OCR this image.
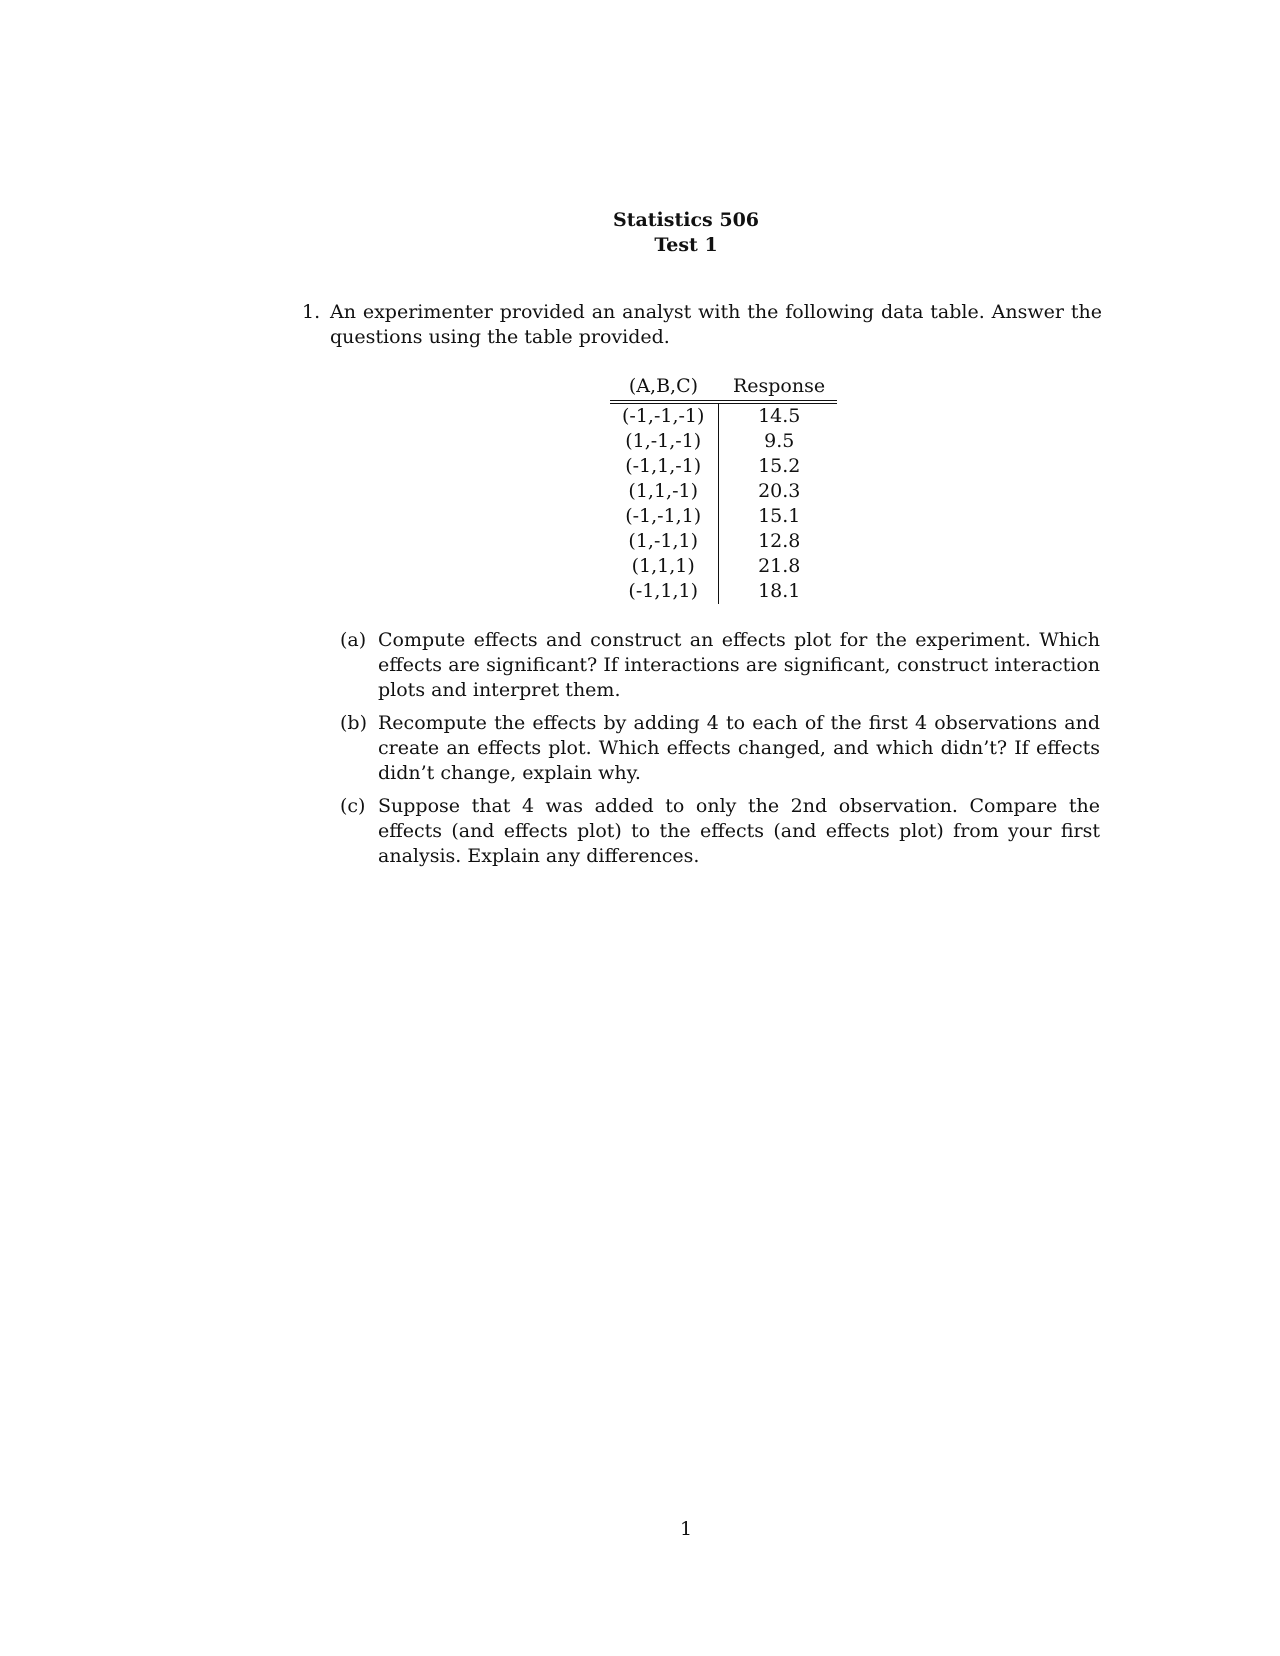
Statistics 506
Test 1
1. An experimenter provided an analyst with the following data table. Answer the questions using the table provided.
(A,B,C)	Response
(-1,-1,-1)	14.5
(1,-1,-1)	9.5
(-1,1,-1)	15.2
(1,1,-1)	20.3
(-1,-1,1)	15.1
(1,-1,1)	12.8
(1,1,1)	21.8
(-1,1,1)	18.1
(a) Compute effects and construct an effects plot for the experiment. Which effects are significant? If interactions are significant, construct interaction plots and interpret them.
(b) Recompute the effects by adding 4 to each of the first 4 observations and create an effects plot. Which effects changed, and which didn’t? If effects didn’t change, explain why.
(c) Suppose that 4 was added to only the 2nd observation. Compare the effects (and effects plot) to the effects (and effects plot) from your first analysis. Explain any differences.
1
